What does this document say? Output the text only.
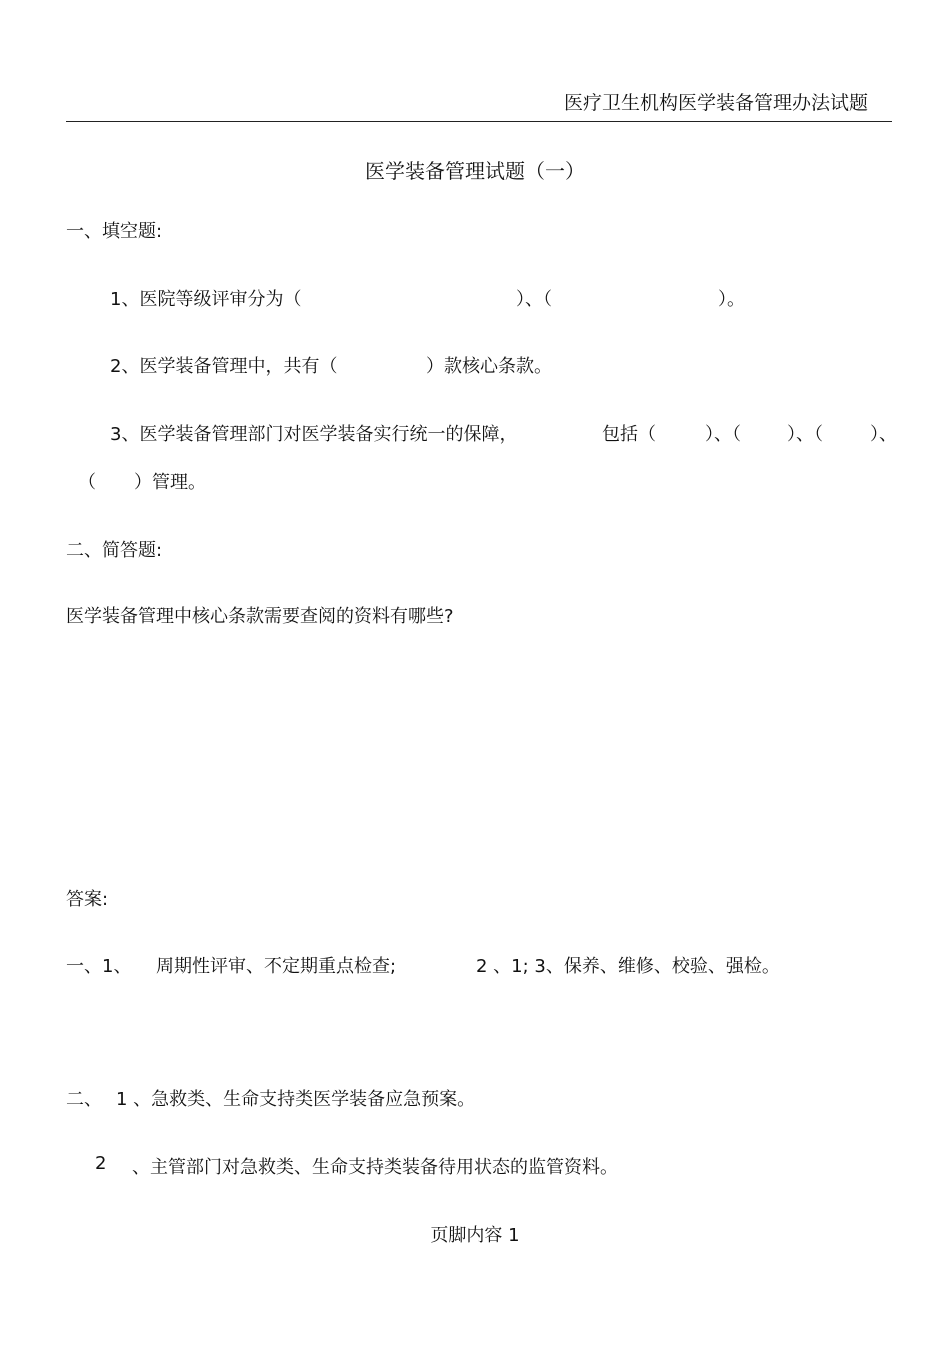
医疗卫生机构医学装备管理办法试题
医学装备管理试题（一）
一、填空题:
1、医院等级评审分为（	）、（	）。
2、医学装备管理中，共有（	）款核心条款。
3、医学装备管理部门对医学装备实行统一的保障，	包括（	）、（	）、（	）、
（ ）管理。
二、简答题:
医学装备管理中核心条款需要查阅的资料有哪些?
答案:
一、1、 周期性评审、不定期重点检查;	2 、1; 3、保养、维修、校验、强检。
二、 1 、急救类、生命支持类医学装备应急预案。
2 、主管部门对急救类、生命支持类装备待用状态的监管资料。
页脚内容 1
